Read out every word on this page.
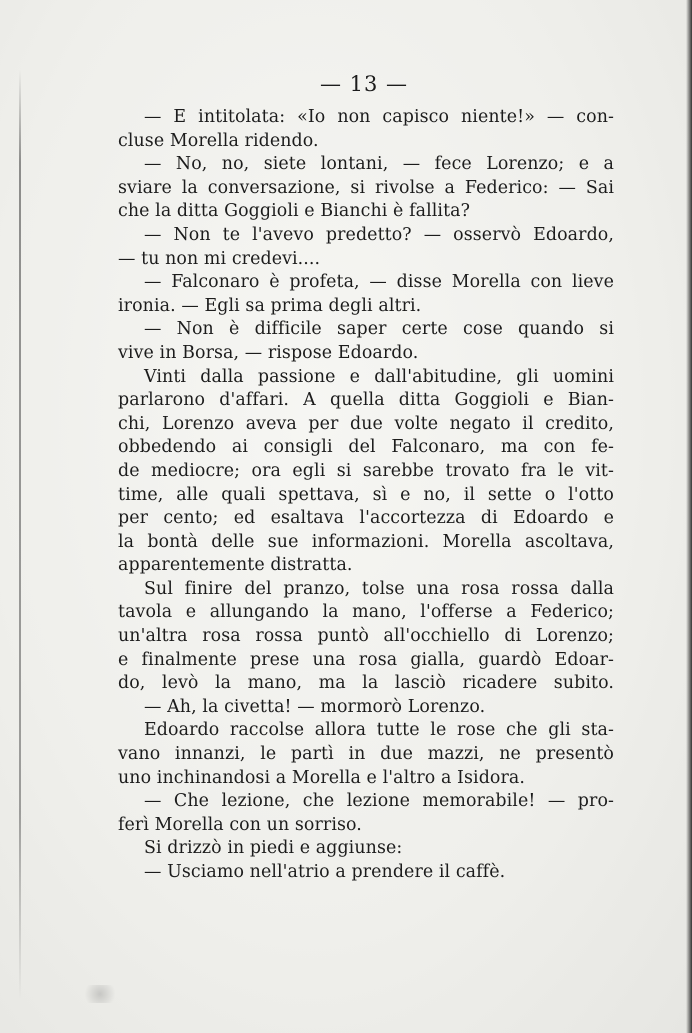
— 13 —
— E intitolata: «Io non capisco niente!» — con-
cluse Morella ridendo.
— No, no, siete lontani, — fece Lorenzo; e a
sviare la conversazione, si rivolse a Federico: — Sai
che la ditta Goggioli e Bianchi è fallita?
— Non te l'avevo predetto? — osservò Edoardo,
— tu non mi credevi....
— Falconaro è profeta, — disse Morella con lieve
ironia. — Egli sa prima degli altri.
— Non è difficile saper certe cose quando si
vive in Borsa, — rispose Edoardo.
Vinti dalla passione e dall'abitudine, gli uomini
parlarono d'affari. A quella ditta Goggioli e Bian-
chi, Lorenzo aveva per due volte negato il credito,
obbedendo ai consigli del Falconaro, ma con fe-
de mediocre; ora egli si sarebbe trovato fra le vit-
time, alle quali spettava, sì e no, il sette o l'otto
per cento; ed esaltava l'accortezza di Edoardo e
la bontà delle sue informazioni. Morella ascoltava,
apparentemente distratta.
Sul finire del pranzo, tolse una rosa rossa dalla
tavola e allungando la mano, l'offerse a Federico;
un'altra rosa rossa puntò all'occhiello di Lorenzo;
e finalmente prese una rosa gialla, guardò Edoar-
do, levò la mano, ma la lasciò ricadere subito.
— Ah, la civetta! — mormorò Lorenzo.
Edoardo raccolse allora tutte le rose che gli sta-
vano innanzi, le partì in due mazzi, ne presentò
uno inchinandosi a Morella e l'altro a Isidora.
— Che lezione, che lezione memorabile! — pro-
ferì Morella con un sorriso.
Si drizzò in piedi e aggiunse:
— Usciamo nell'atrio a prendere il caffè.
